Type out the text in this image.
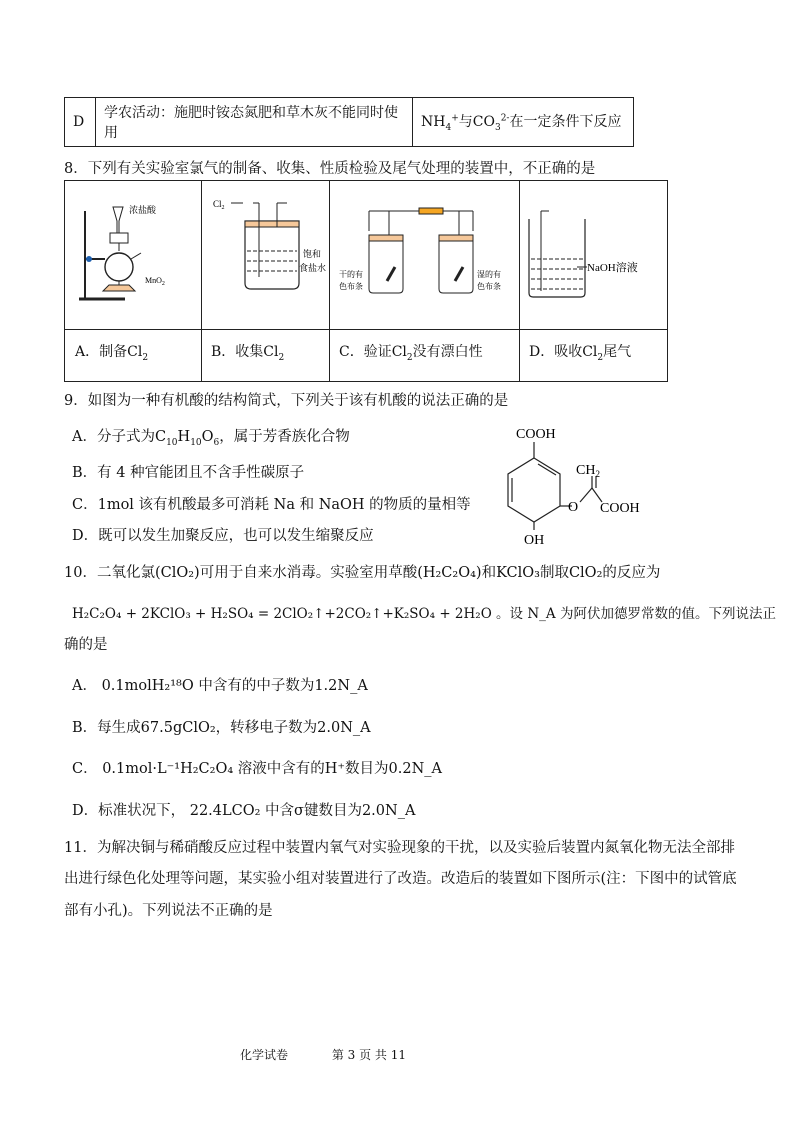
D	学农活动：施肥时铵态氮肥和草木灰不能同时使用	$NH_4^+$与$CO_3^{2-}$在一定条件下反应
8．下列有关实验室氯气的制备、收集、性质检验及尾气处理的装置中，不正确的是
浓盐酸
MnO$_2$
$Cl_2$
饱和
食盐水
干的有
色布条
湿的有
色布条
NaOH溶液
A．制备$Cl_2$	B．收集$Cl_2$	C．验证$Cl_2$没有漂白性	D．吸收$Cl_2$尾气
9．如图为一种有机酸的结构简式，下列关于该有机酸的说法正确的是
A．分子式为$C_{10}H_{10}O_6$，属于芳香族化合物
B．有 4 种官能团且不含手性碳原子
C．1mol 该有机酸最多可消耗 Na 和 NaOH 的物质的量相等
D．既可以发生加聚反应，也可以发生缩聚反应
COOH
O
$CH_2$
COOH
OH
10．二氧化氯(ClO₂)可用于自来水消毒。实验室用草酸(H₂C₂O₄)和KClO₃制取ClO₂的反应为
H₂C₂O₄ + 2KClO₃ + H₂SO₄ = 2ClO₂↑+2CO₂↑+K₂SO₄ + 2H₂O 。设 N_A 为阿伏加德罗常数的值。下列说法正
确的是
A． 0.1molH₂¹⁸O 中含有的中子数为1.2N_A
B．每生成67.5gClO₂，转移电子数为2.0N_A
C． 0.1mol·L⁻¹H₂C₂O₄ 溶液中含有的H⁺数目为0.2N_A
D．标准状况下， 22.4LCO₂ 中含σ键数目为2.0N_A
11．为解决铜与稀硝酸反应过程中装置内氧气对实验现象的干扰，以及实验后装置内氮氧化物无法全部排
出进行绿色化处理等问题，某实验小组对装置进行了改造。改造后的装置如下图所示(注：下图中的试管底
部有小孔)。下列说法不正确的是
化学试卷	第 3 页 共 11
